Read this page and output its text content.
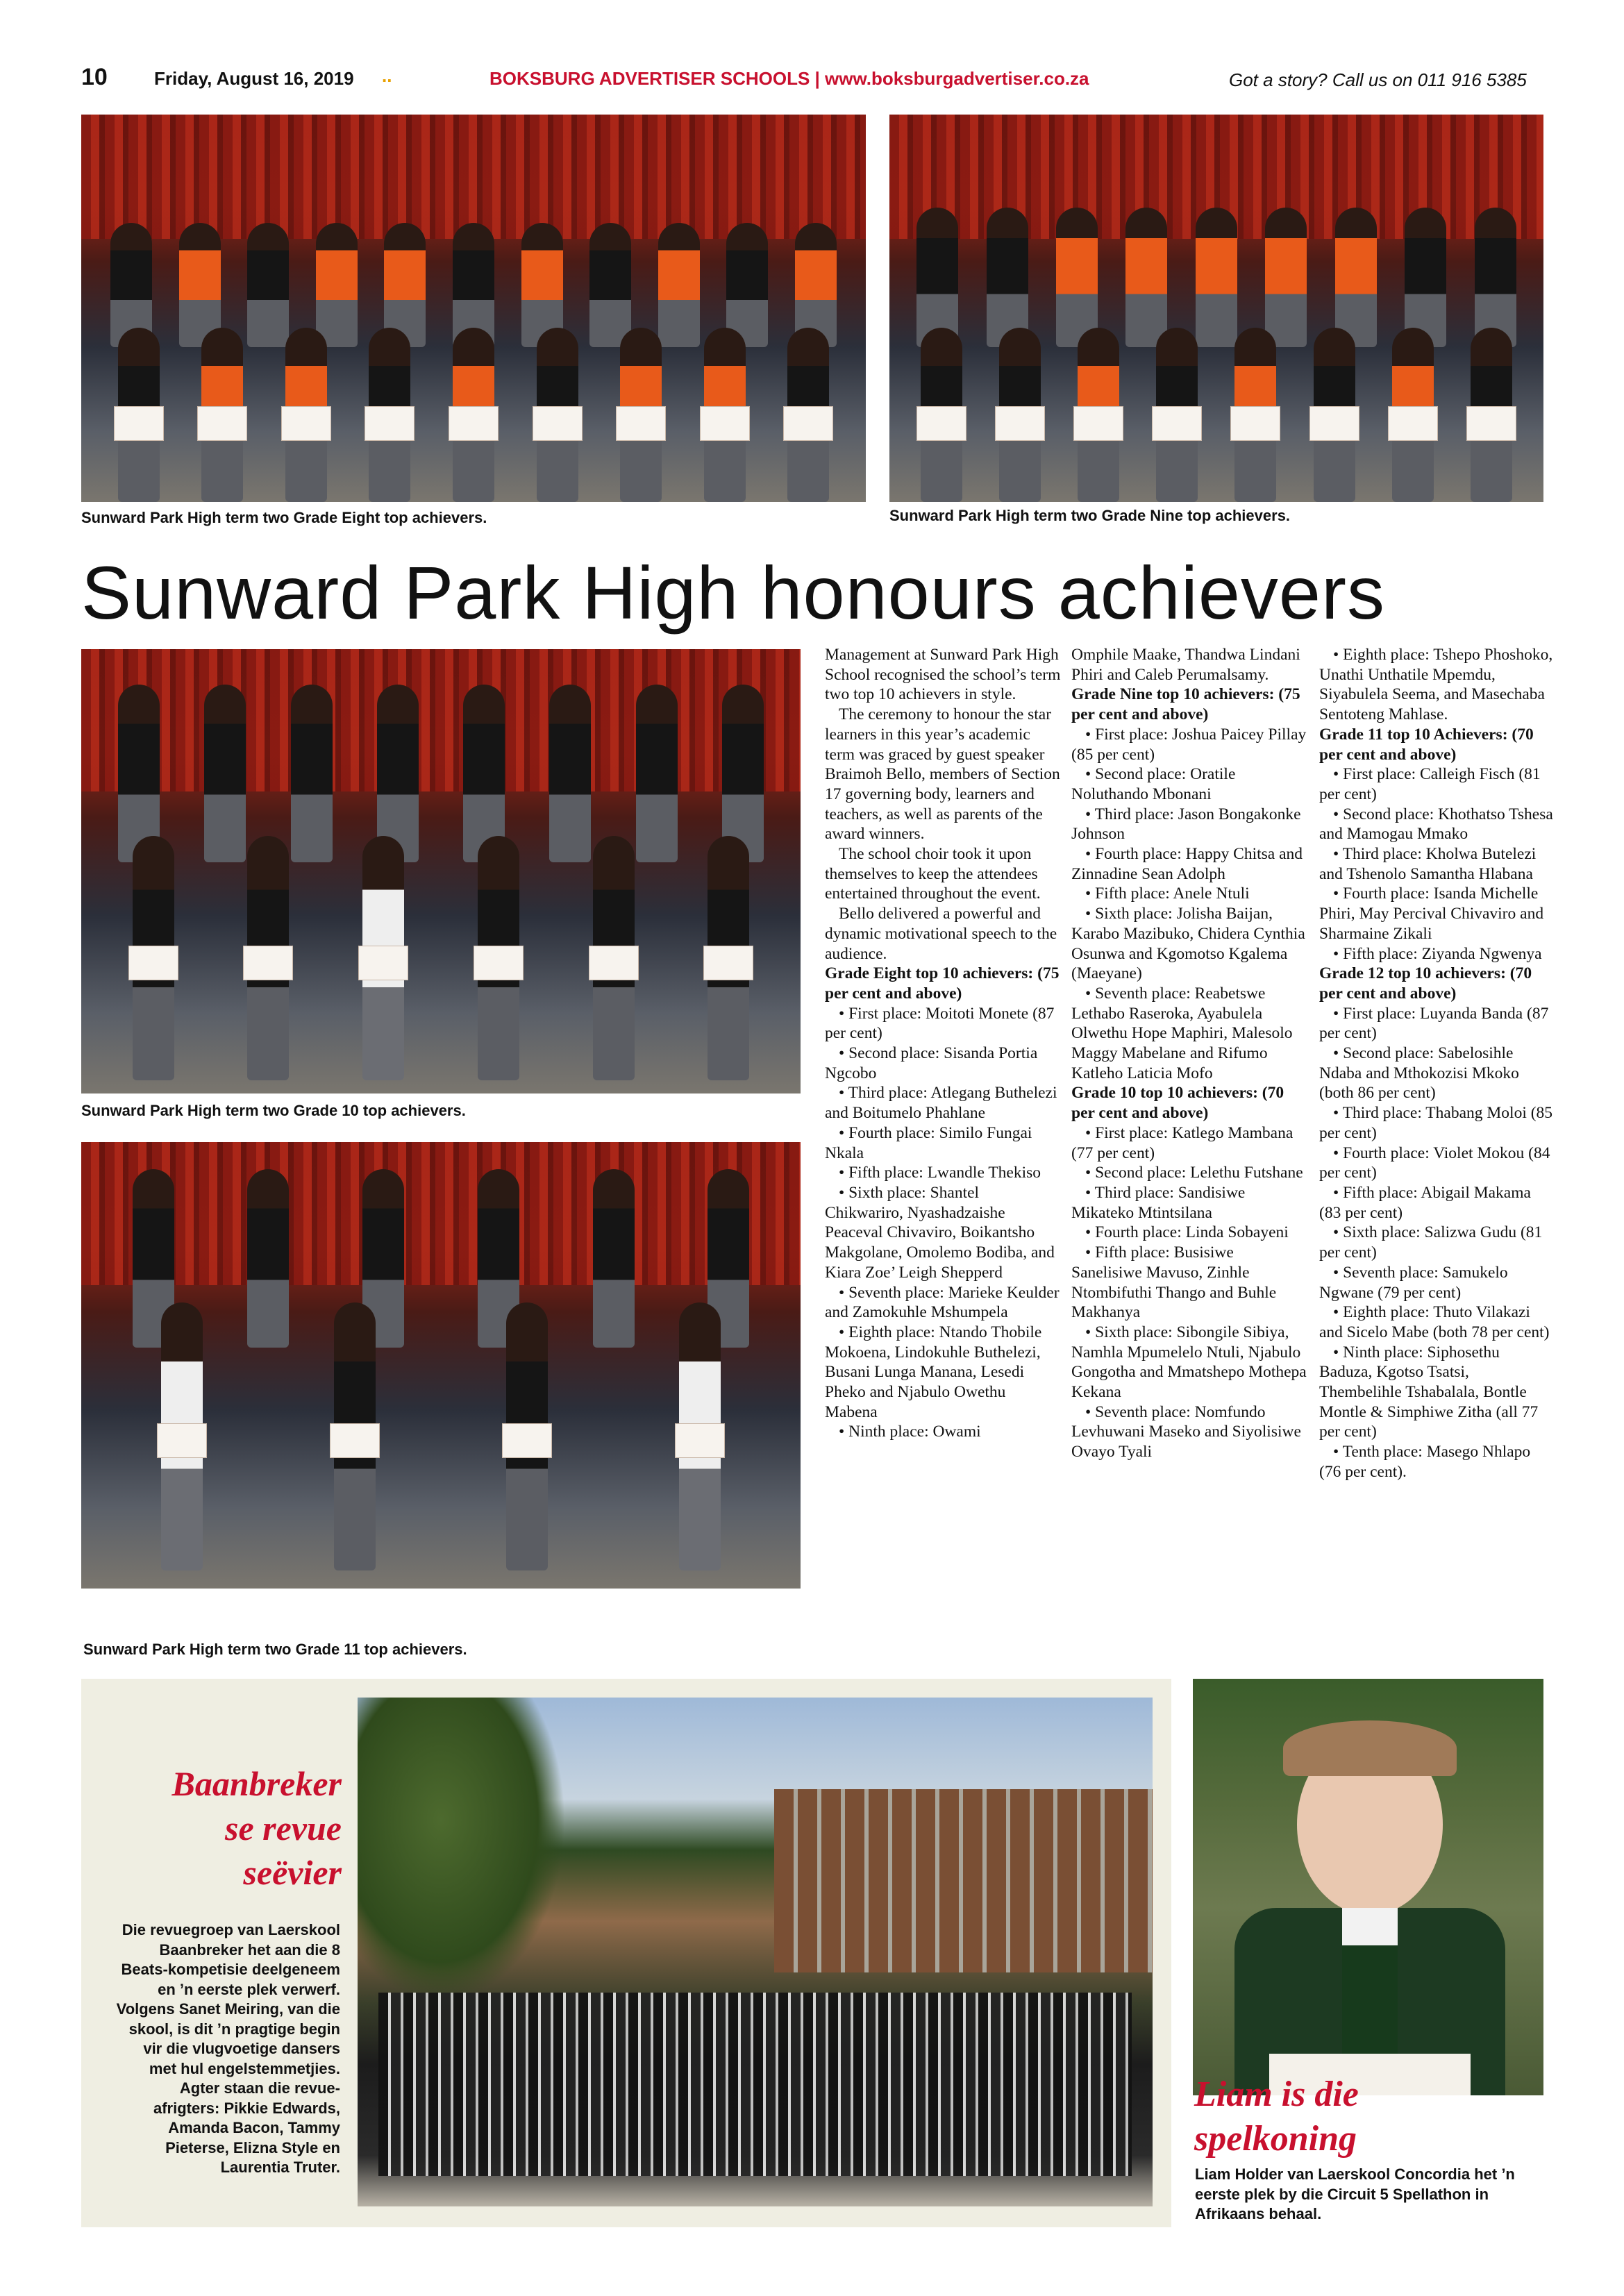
10	Friday, August 16, 2019 ..	BOKSBURG ADVERTISER SCHOOLS | www.boksburgadvertiser.co.za	Got a story? Call us on 011 916 5385
Sunward Park High term two Grade Eight top achievers.	Sunward Park High term two Grade Nine top achievers.
Sunward Park High honours achievers
Sunward Park High term two Grade 10 top achievers.
Sunward Park High term two Grade 11 top achievers.

Management at Sunward Park High School recognised the school’s term two top 10 achievers in style.

The ceremony to honour the star learners in this year’s academic term was graced by guest speaker Braimoh Bello, members of Section 17 governing body, learners and teachers, as well as parents of the award winners.

The school choir took it upon themselves to keep the attendees entertained throughout the event.

Bello delivered a powerful and dynamic motivational speech to the audience.

Grade Eight top 10 achievers: (75 per cent and above)

• First place: Moitoti Monete (87 per cent)

• Second place: Sisanda Portia Ngcobo

• Third place: Atlegang Buthelezi and Boitumelo Phahlane

• Fourth place: Similo Fungai Nkala

• Fifth place: Lwandle Thekiso

• Sixth place: Shantel Chikwariro, Nyashadzaishe Peaceval Chivaviro, Boikantsho Makgolane, Omolemo Bodiba, and Kiara Zoe’ Leigh Shepperd

• Seventh place: Marieke Keulder and Zamokuhle Mshumpela

• Eighth place: Ntando Thobile Mokoena, Lindokuhle Buthelezi, Busani Lunga Manana, Lesedi Pheko and Njabulo Owethu Mabena

• Ninth place: Owami

Omphile Maake, Thandwa Lindani Phiri and Caleb Perumalsamy.

Grade Nine top 10 achievers: (75 per cent and above)

• First place: Joshua Paicey Pillay (85 per cent)

• Second place: Oratile Noluthando Mbonani

• Third place: Jason Bongakonke Johnson

• Fourth place: Happy Chitsa and Zinnadine Sean Adolph

• Fifth place: Anele Ntuli

• Sixth place: Jolisha Baijan, Karabo Mazibuko, Chidera Cynthia Osunwa and Kgomotso Kgalema (Maeyane)

• Seventh place: Reabetswe Lethabo Raseroka, Ayabulela Olwethu Hope Maphiri, Malesolo Maggy Mabelane and Rifumo Katleho Laticia Mofo

Grade 10 top 10 achievers: (70 per cent and above)

• First place: Katlego Mambana (77 per cent)

• Second place: Lelethu Futshane

• Third place: Sandisiwe Mikateko Mtintsilana

• Fourth place: Linda Sobayeni

• Fifth place: Busisiwe Sanelisiwe Mavuso, Zinhle Ntombifuthi Thango and Buhle Makhanya

• Sixth place: Sibongile Sibiya, Namhla Mpumelelo Ntuli, Njabulo Gongotha and Mmatshepo Mothepa Kekana

• Seventh place: Nomfundo Levhuwani Maseko and Siyolisiwe Ovayo Tyali

• Eighth place: Tshepo Phoshoko, Unathi Unthatile Mpemdu, Siyabulela Seema, and Masechaba Sentoteng Mahlase.

Grade 11 top 10 Achievers: (70 per cent and above)

• First place: Calleigh Fisch (81 per cent)

• Second place: Khothatso Tshesa and Mamogau Mmako

• Third place: Kholwa Butelezi and Tshenolo Samantha Hlabana

• Fourth place: Isanda Michelle Phiri, May Percival Chivaviro and Sharmaine Zikali

• Fifth place: Ziyanda Ngwenya

Grade 12 top 10 achievers: (70 per cent and above)

• First place: Luyanda Banda (87 per cent)

• Second place: Sabelosihle Ndaba and Mthokozisi Mkoko (both 86 per cent)

• Third place: Thabang Moloi (85 per cent)

• Fourth place: Violet Mokou (84 per cent)

• Fifth place: Abigail Makama (83 per cent)

• Sixth place: Salizwa Gudu (81 per cent)

• Seventh place: Samukelo Ngwane (79 per cent)

• Eighth place: Thuto Vilakazi and Sicelo Mabe (both 78 per cent)

• Ninth place: Siphosethu Baduza, Kgotso Tsatsi, Thembelihle Tshabalala, Bontle Montle & Simphiwe Zitha (all 77 per cent)

• Tenth place: Masego Nhlapo (76 per cent).

Baanbreker
se revue
seëvier
Die revuegroep van Laerskool Baanbreker het aan die 8 Beats-kompetisie deelgeneem en ’n eerste plek verwerf. Volgens Sanet Meiring, van die skool, is dit ’n pragtige begin vir die vlugvoetige dansers met hul engelstemmetjies. Agter staan die revue-afrigters: Pikkie Edwards, Amanda Bacon, Tammy Pieterse, Elizna Style en Laurentia Truter.
Liam is die
spelkoning
Liam Holder van Laerskool Concordia het ’n eerste plek by die Circuit 5 Spellathon in Afrikaans behaal.
